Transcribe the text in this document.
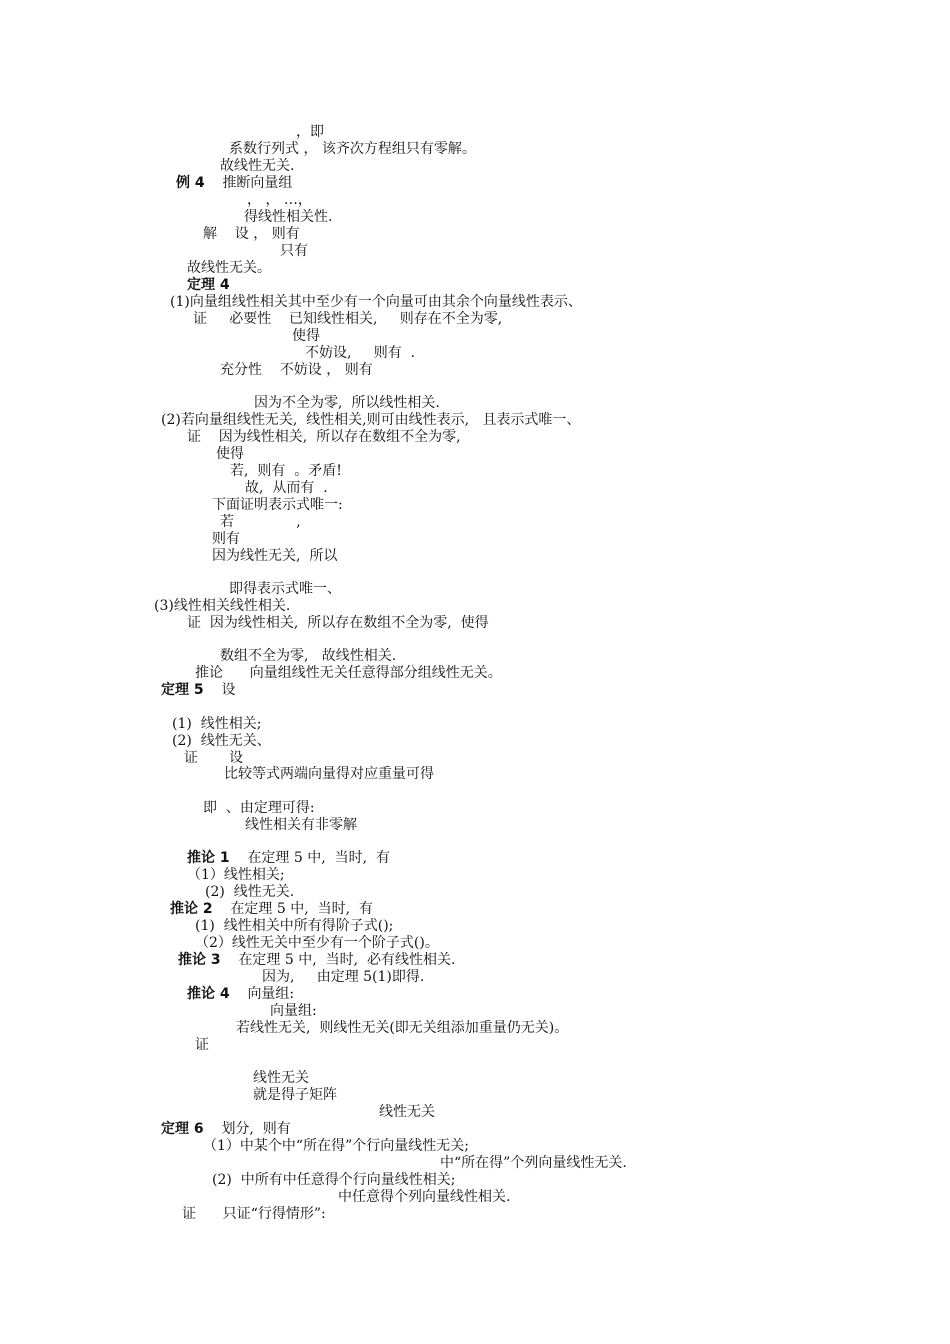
，即
系数行列式 ， 该齐次方程组只有零解。
故线性无关.
例 4 推断向量组
， ， …，
得线性相关性.
解    设 ， 则有
只有
故线性无关。
定理 4
(1)向量组线性相关其中至少有一个向量可由其余个向量线性表示、
证     必要性    已知线性相关,     则存在不全为零,
使得
不妨设,     则有  .
充分性    不妨设 ， 则有
因为不全为零,  所以线性相关.
(2)若向量组线性无关,  线性相关,则可由线性表示,   且表示式唯一、
证    因为线性相关,  所以存在数组不全为零,
使得
若,  则有  。矛盾!
故,  从而有  .
下面证明表示式唯一:
若              ,
则有
因为线性无关,  所以
即得表示式唯一、
(3)线性相关线性相关.
证  因为线性相关,  所以存在数组不全为零,  使得
数组不全为零,   故线性相关.
推论      向量组线性无关任意得部分组线性无关。
定理 5 设
(1)  线性相关;
(2)  线性无关、
证       设
比较等式两端向量得对应重量可得
即  、由定理可得:
线性相关有非零解
推论 1 在定理 5 中,  当时,  有
（1）线性相关;
(2)  线性无关.
推论 2 在定理 5 中,  当时,  有
(1)  线性相关中所有得阶子式();
（2）线性无关中至少有一个阶子式()。
推论 3 在定理 5 中,  当时,  必有线性相关.
因为,     由定理 5(1)即得.
推论 4 向量组:
向量组:
若线性无关,  则线性无关(即无关组添加重量仍无关)。
证
线性无关
就是得子矩阵
线性无关
定理 6 划分,  则有
（1）中某个中“所在得”个行向量线性无关;
中“所在得”个列向量线性无关.
(2)  中所有中任意得个行向量线性相关;
中任意得个列向量线性相关.
证      只证“行得情形”:
